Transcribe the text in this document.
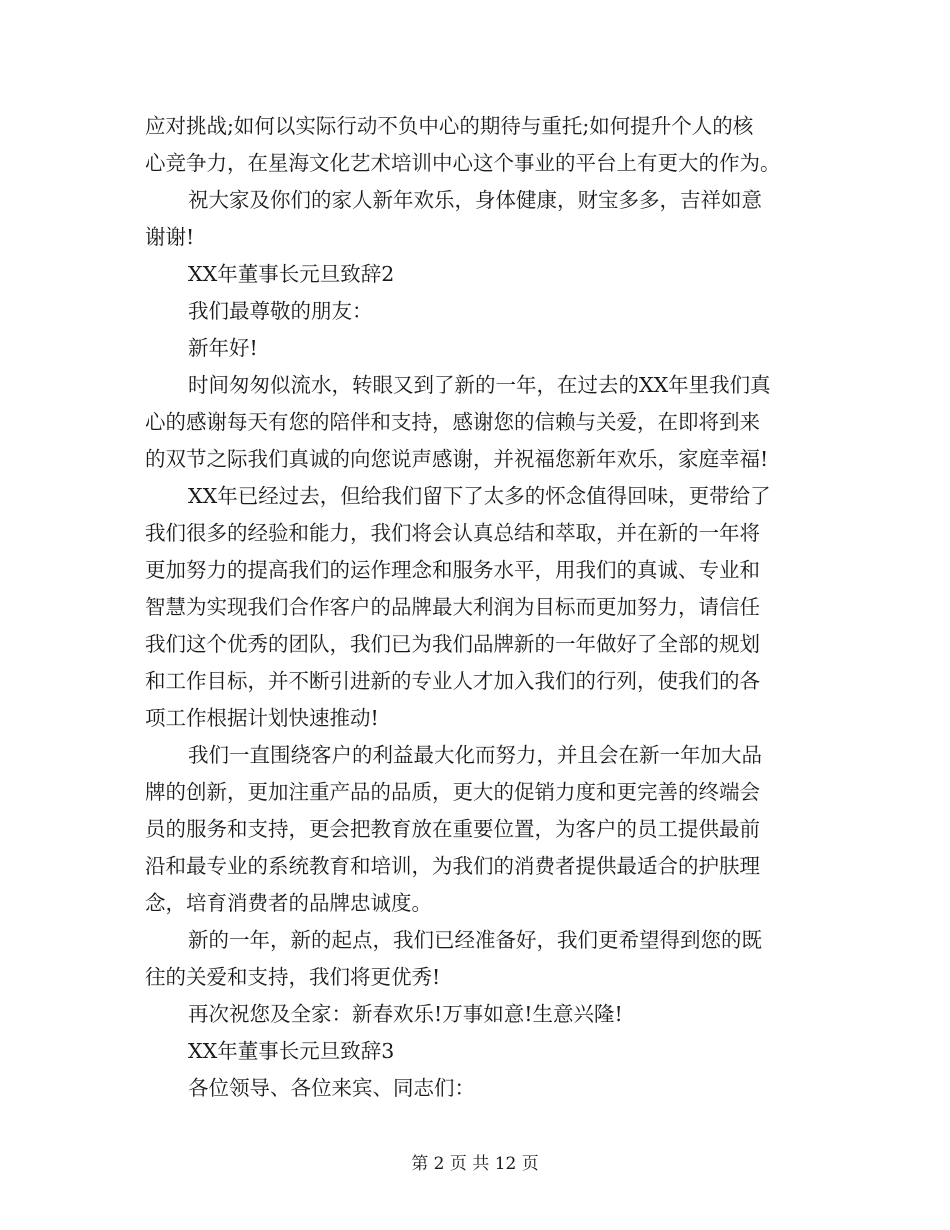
应对挑战;如何以实际行动不负中心的期待与重托;如何提升个人的核
心竞争力，在星海文化艺术培训中心这个事业的平台上有更大的作为。
祝大家及你们的家人新年欢乐，身体健康，财宝多多，吉祥如意
谢谢!
XX年董事长元旦致辞2
我们最尊敬的朋友：
新年好!
时间匆匆似流水，转眼又到了新的一年，在过去的XX年里我们真
心的感谢每天有您的陪伴和支持，感谢您的信赖与关爱，在即将到来
的双节之际我们真诚的向您说声感谢，并祝福您新年欢乐，家庭幸福!
XX年已经过去，但给我们留下了太多的怀念值得回味，更带给了
我们很多的经验和能力，我们将会认真总结和萃取，并在新的一年将
更加努力的提高我们的运作理念和服务水平，用我们的真诚、专业和
智慧为实现我们合作客户的品牌最大利润为目标而更加努力，请信任
我们这个优秀的团队，我们已为我们品牌新的一年做好了全部的规划
和工作目标，并不断引进新的专业人才加入我们的行列，使我们的各
项工作根据计划快速推动!
我们一直围绕客户的利益最大化而努力，并且会在新一年加大品
牌的创新，更加注重产品的品质，更大的促销力度和更完善的终端会
员的服务和支持，更会把教育放在重要位置，为客户的员工提供最前
沿和最专业的系统教育和培训，为我们的消费者提供最适合的护肤理
念，培育消费者的品牌忠诚度。
新的一年，新的起点，我们已经准备好，我们更希望得到您的既
往的关爱和支持，我们将更优秀!
再次祝您及全家：新春欢乐!万事如意!生意兴隆!
XX年董事长元旦致辞3
各位领导、各位来宾、同志们：
第 2 页 共 12 页
